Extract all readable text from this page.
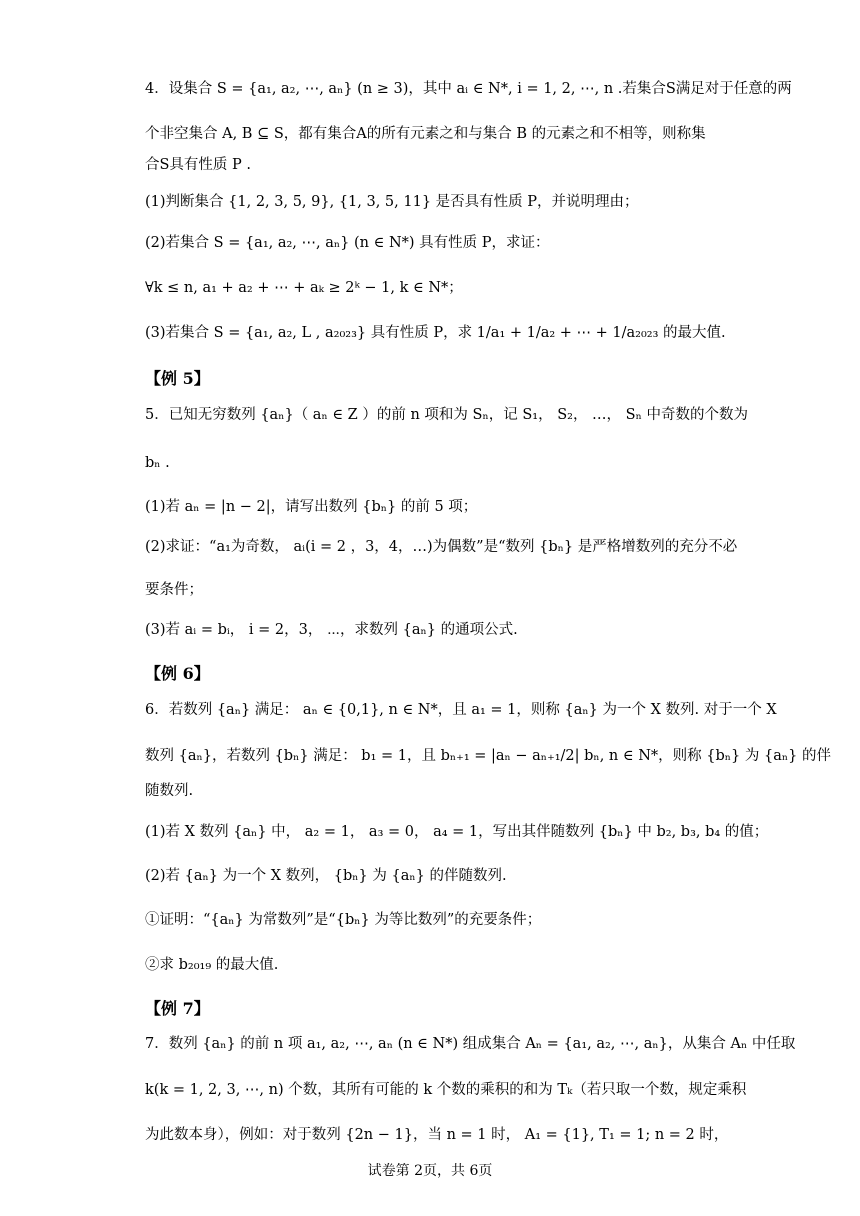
4．设集合 S = {a₁, a₂, ⋯, aₙ} (n ≥ 3)，其中 aᵢ ∈ N*, i = 1, 2, ⋯, n .若集合S满足对于任意的两
个非空集合 A, B ⊆ S，都有集合A的所有元素之和与集合 B 的元素之和不相等，则称集
合S具有性质 P .
(1)判断集合 {1, 2, 3, 5, 9}, {1, 3, 5, 11} 是否具有性质 P，并说明理由；
(2)若集合 S = {a₁, a₂, ⋯, aₙ} (n ∈ N*) 具有性质 P，求证：
∀k ≤ n, a₁ + a₂ + ⋯ + aₖ ≥ 2ᵏ − 1, k ∈ N*；
(3)若集合 S = {a₁, a₂, L , a₂₀₂₃} 具有性质 P，求 1/a₁ + 1/a₂ + ⋯ + 1/a₂₀₂₃ 的最大值.
【例 5】
5．已知无穷数列 {aₙ}（ aₙ ∈ Z ）的前 n 项和为 Sₙ，记 S₁， S₂， …， Sₙ 中奇数的个数为
bₙ .
(1)若 aₙ = |n − 2|，请写出数列 {bₙ} 的前 5 项；
(2)求证：“a₁为奇数， aᵢ(i = 2 ，3，4，…)为偶数”是“数列 {bₙ} 是严格增数列的充分不必
要条件；
(3)若 aᵢ = bᵢ， i = 2，3， ⋯，求数列 {aₙ} 的通项公式.
【例 6】
6．若数列 {aₙ} 满足： aₙ ∈ {0,1}, n ∈ N*，且 a₁ = 1，则称 {aₙ} 为一个 X 数列. 对于一个 X
数列 {aₙ}，若数列 {bₙ} 满足： b₁ = 1，且 bₙ₊₁ = |aₙ − aₙ₊₁/2| bₙ, n ∈ N*，则称 {bₙ} 为 {aₙ} 的伴
随数列.
(1)若 X 数列 {aₙ} 中， a₂ = 1， a₃ = 0， a₄ = 1，写出其伴随数列 {bₙ} 中 b₂, b₃, b₄ 的值；
(2)若 {aₙ} 为一个 X 数列， {bₙ} 为 {aₙ} 的伴随数列.
①证明：“{aₙ} 为常数列”是“{bₙ} 为等比数列”的充要条件；
②求 b₂₀₁₉ 的最大值.
【例 7】
7．数列 {aₙ} 的前 n 项 a₁, a₂, ⋯, aₙ (n ∈ N*) 组成集合 Aₙ = {a₁, a₂, ⋯, aₙ}，从集合 Aₙ 中任取
k(k = 1, 2, 3, ⋯, n) 个数，其所有可能的 k 个数的乘积的和为 Tₖ（若只取一个数，规定乘积
为此数本身），例如：对于数列 {2n − 1}，当 n = 1 时， A₁ = {1}, T₁ = 1; n = 2 时，
试卷第 2页，共 6页
